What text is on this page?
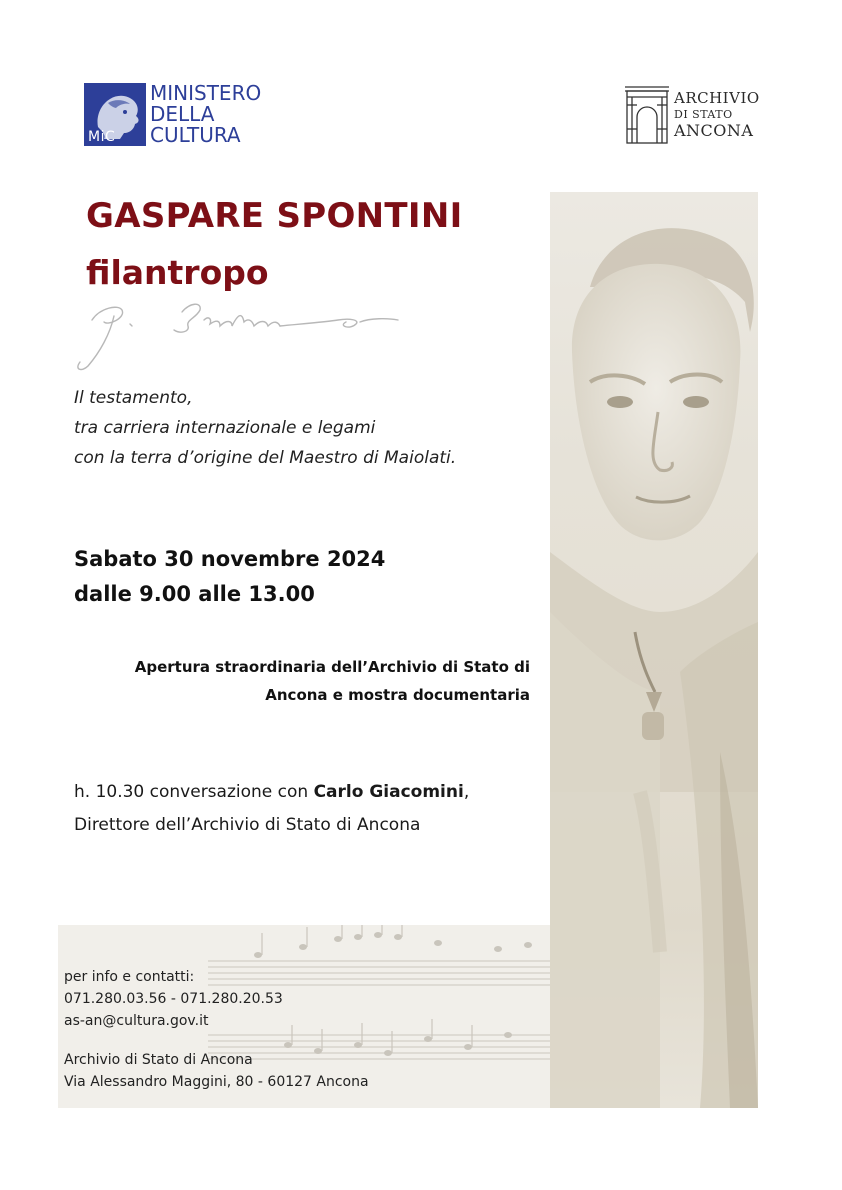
MiC
MINISTERO
DELLA
CULTURA
ARCHIVIO
DI STATO
ANCONA
GASPARE SPONTINI
filantropo
Il testamento,
tra carriera internazionale e legami
con la terra d’origine del Maestro di Maiolati.
Sabato 30 novembre 2024
dalle 9.00 alle 13.00
Apertura straordinaria dell’Archivio di Stato di
Ancona e mostra documentaria
h. 10.30 conversazione con Carlo Giacomini,
Direttore dell’Archivio di Stato di Ancona
per info e contatti:
071.280.03.56 - 071.280.20.53
as-an@cultura.gov.it
Archivio di Stato di Ancona
Via Alessandro Maggini, 80 - 60127 Ancona
